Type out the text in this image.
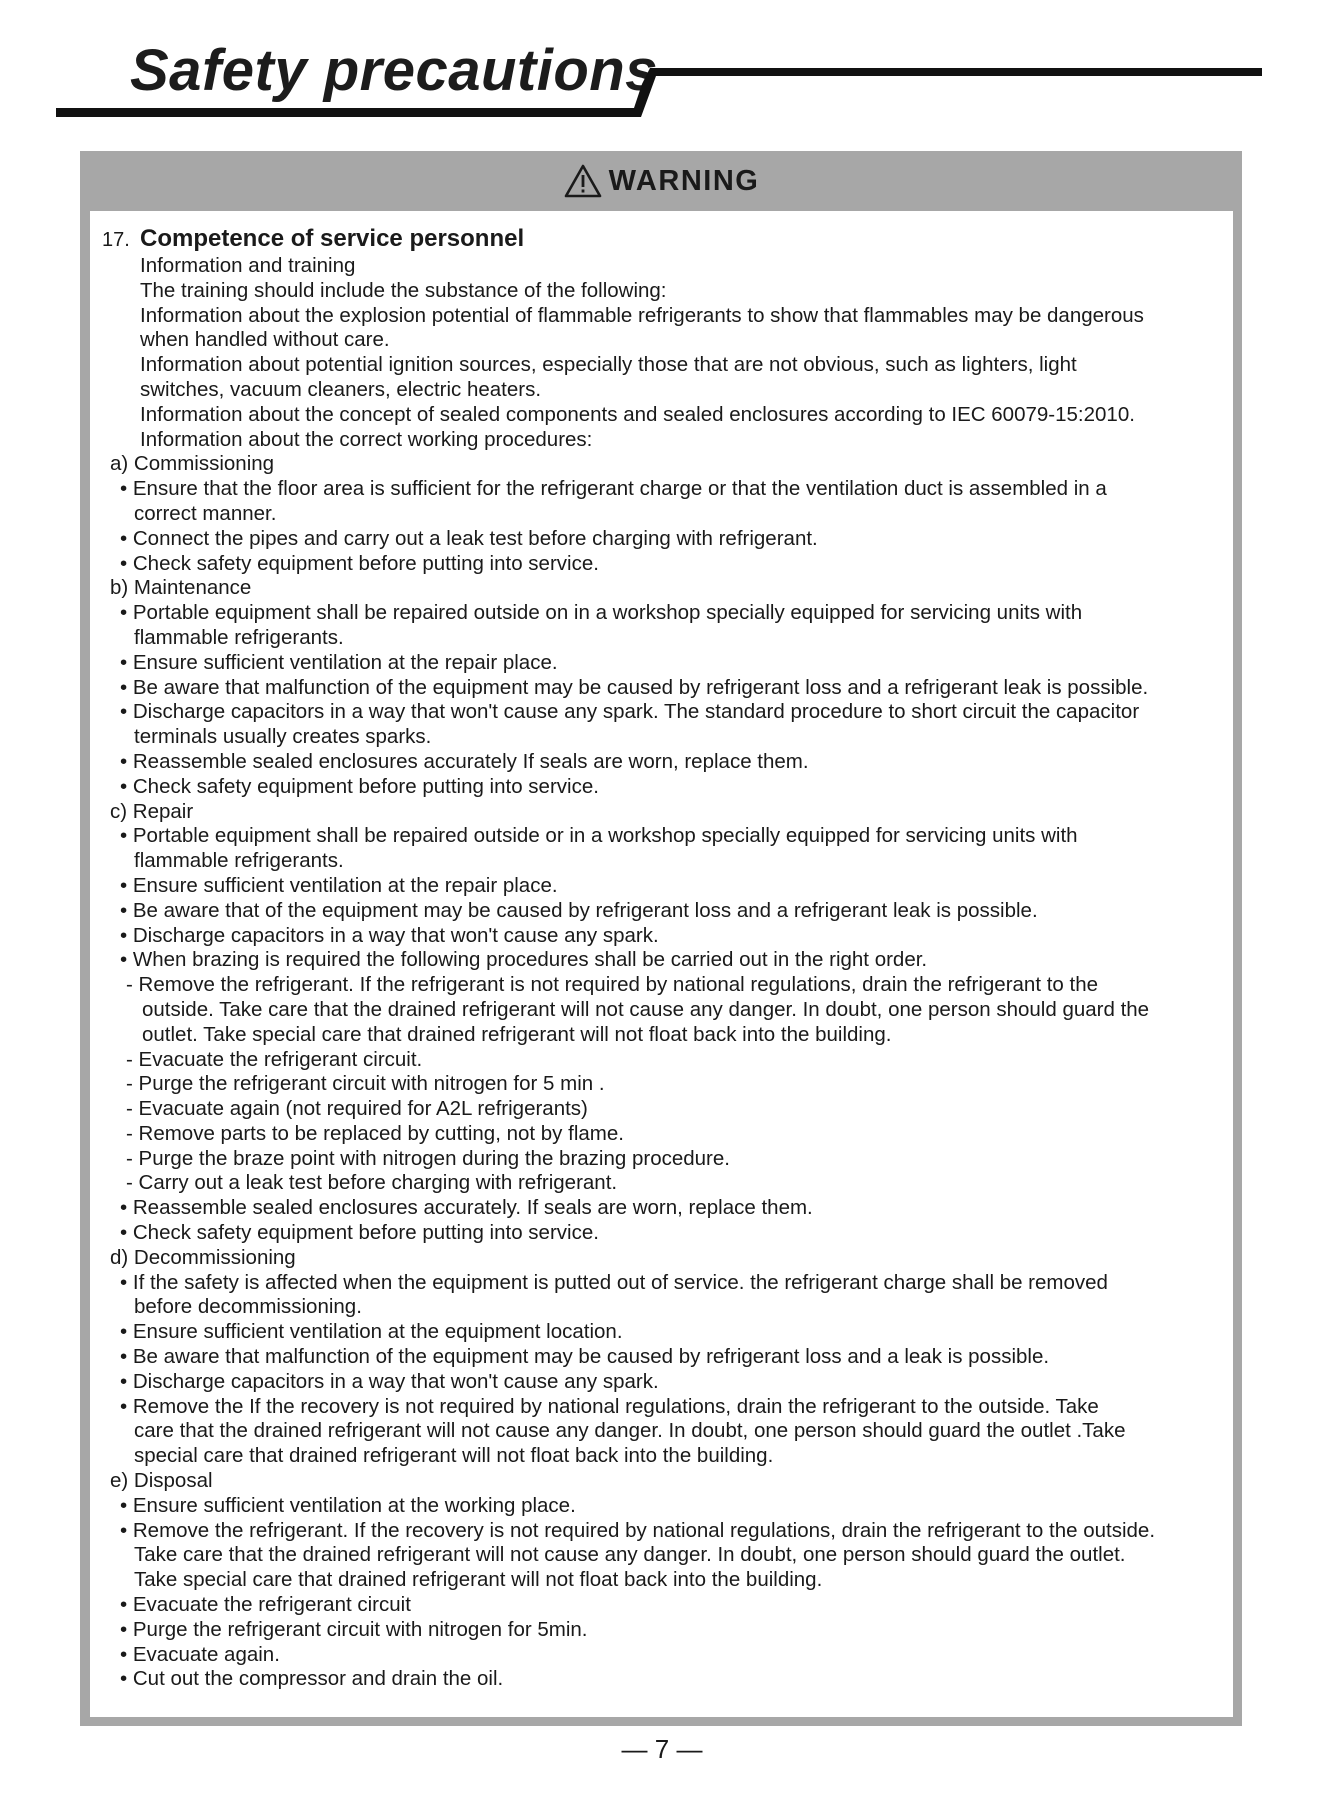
Safety precautions
WARNING
17. Competence of service personnel
Information and training
The training should include the substance of the following:
Information about the explosion potential of flammable refrigerants to show that flammables may be dangerous
when handled without care.
Information about potential ignition sources, especially those that are not obvious, such as lighters, light
switches, vacuum cleaners, electric heaters.
Information about the concept of sealed components and sealed enclosures according to IEC 60079-15:2010.
Information about the correct working procedures:
a) Commissioning
• Ensure that the floor area is sufficient for the refrigerant charge or that the ventilation duct is assembled in a
correct manner.
• Connect the pipes and carry out a leak test before charging with refrigerant.
• Check safety equipment before putting into service.
b) Maintenance
• Portable equipment shall be repaired outside on in a workshop specially equipped for servicing units with
flammable refrigerants.
• Ensure sufficient ventilation at the repair place.
• Be aware that malfunction of the equipment may be caused by refrigerant loss and a refrigerant leak is possible.
• Discharge capacitors in a way that won't cause any spark. The standard procedure to short circuit the capacitor
terminals usually creates sparks.
• Reassemble sealed enclosures accurately If seals are worn, replace them.
• Check safety equipment before putting into service.
c) Repair
• Portable equipment shall be repaired outside or in a workshop specially equipped for servicing units with
flammable refrigerants.
• Ensure sufficient ventilation at the repair place.
• Be aware that of the equipment may be caused by refrigerant loss and a refrigerant leak is possible.
• Discharge capacitors in a way that won't cause any spark.
• When brazing is required the following procedures shall be carried out in the right order.
- Remove the refrigerant. If the refrigerant is not required by national regulations, drain the refrigerant to the
outside. Take care that the drained refrigerant will not cause any danger. In doubt, one person should guard the
outlet. Take special care that drained refrigerant will not float back into the building.
- Evacuate the refrigerant circuit.
- Purge the refrigerant circuit with nitrogen for 5 min .
- Evacuate again (not required for A2L refrigerants)
- Remove parts to be replaced by cutting, not by flame.
- Purge the braze point with nitrogen during the brazing procedure.
- Carry out a leak test before charging with refrigerant.
• Reassemble sealed enclosures accurately. If seals are worn, replace them.
• Check safety equipment before putting into service.
d) Decommissioning
• If the safety is affected when the equipment is putted out of service. the refrigerant charge shall be removed
before decommissioning.
• Ensure sufficient ventilation at the equipment location.
• Be aware that malfunction of the equipment may be caused by refrigerant loss and a leak is possible.
• Discharge capacitors in a way that won't cause any spark.
• Remove the If the recovery is not required by national regulations, drain the refrigerant to the outside. Take
care that the drained refrigerant will not cause any danger. In doubt, one person should guard the outlet .Take
special care that drained refrigerant will not float back into the building.
e) Disposal
• Ensure sufficient ventilation at the working place.
• Remove the refrigerant. If the recovery is not required by national regulations, drain the refrigerant to the outside.
Take care that the drained refrigerant will not cause any danger. In doubt, one person should guard the outlet.
Take special care that drained refrigerant will not float back into the building.
• Evacuate the refrigerant circuit
• Purge the refrigerant circuit with nitrogen for 5min.
• Evacuate again.
• Cut out the compressor and drain the oil.
— 7 —
